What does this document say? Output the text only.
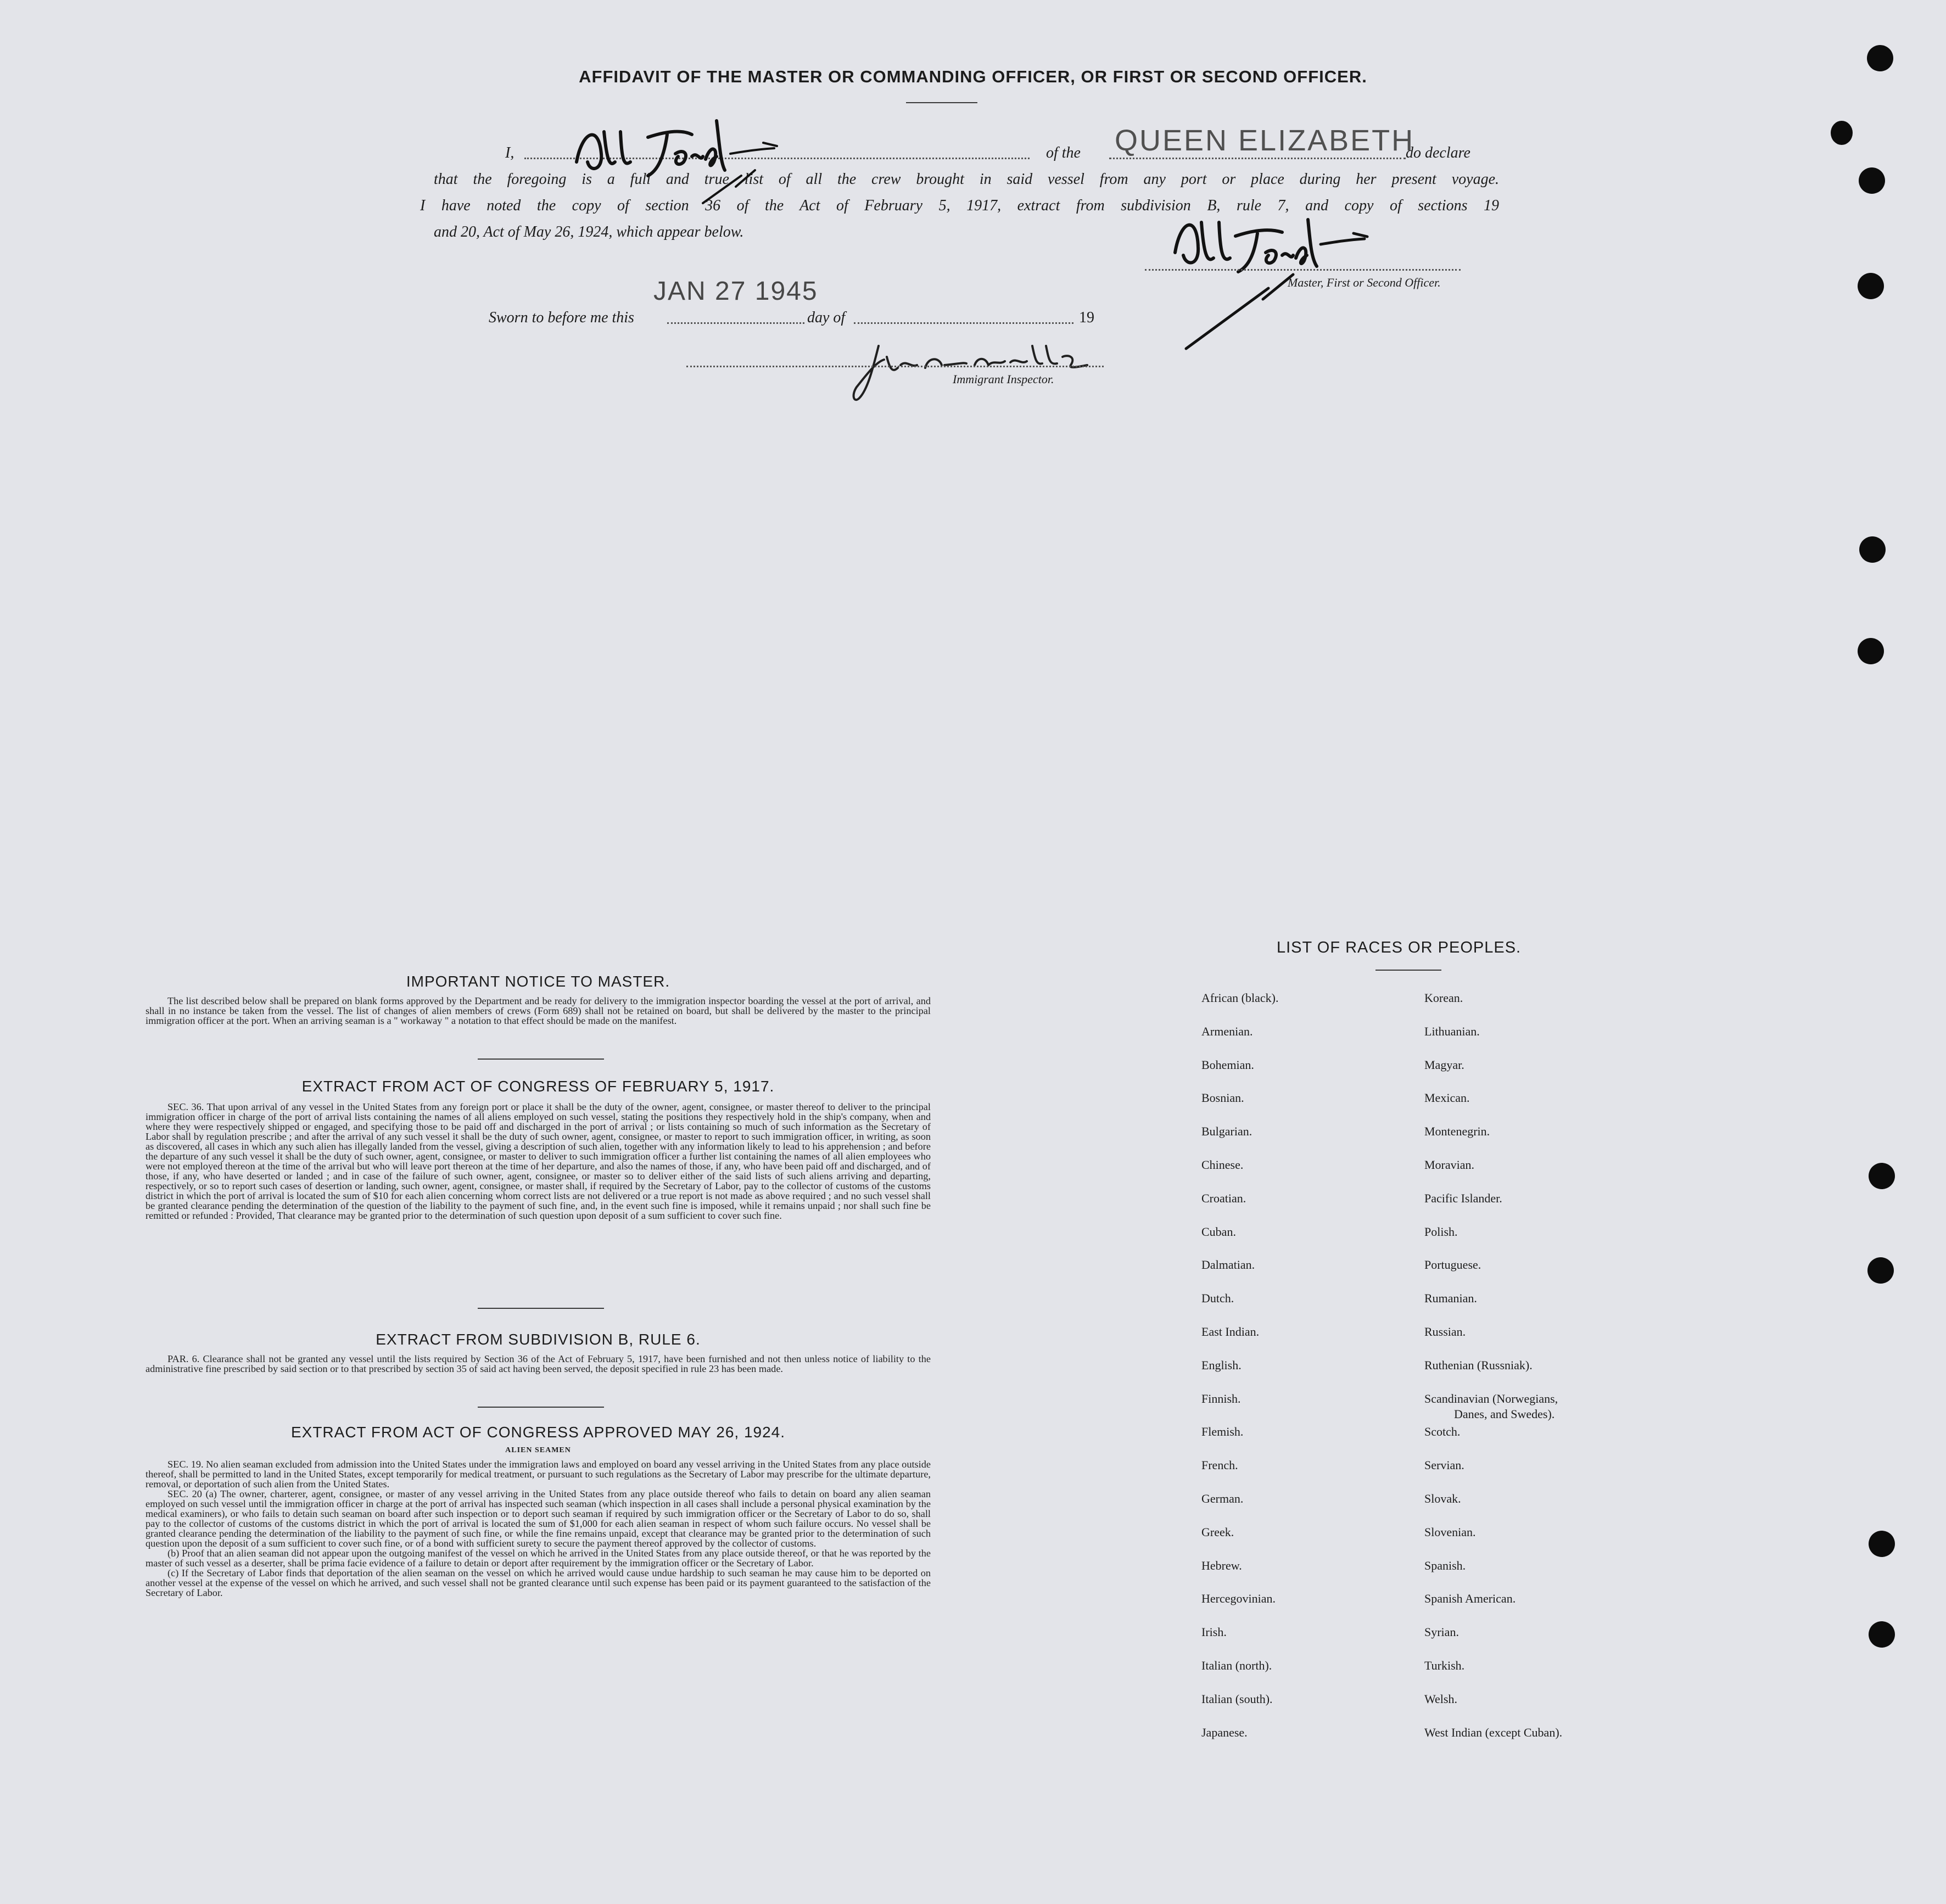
AFFIDAVIT OF THE MASTER OR COMMANDING OFFICER, OR FIRST OR SECOND OFFICER.
I,	of the QUEEN ELIZABETH
do declare
that the foregoing is a full and true list of all the crew brought in said vessel from any port or place during her present voyage.
I have noted the copy of section 36 of the Act of February 5, 1917, extract from subdivision B, rule 7, and copy of sections 19
and 20, Act of May 26, 1924, which appear below.
Master, First or Second Officer.
JAN 27 1945
Sworn to before me this	day of	19
Immigrant Inspector.
IMPORTANT NOTICE TO MASTER.

The list described below shall be prepared on blank forms approved by the Department and be ready for delivery to the immigration inspector boarding the vessel at the port of arrival, and shall in no instance be taken from the vessel. The list of changes of alien members of crews (Form 689) shall not be retained on board, but shall be delivered by the master to the principal immigration officer at the port. When an arriving seaman is a " workaway " a notation to that effect should be made on the manifest.

EXTRACT FROM ACT OF CONGRESS OF FEBRUARY 5, 1917.

SEC. 36. That upon arrival of any vessel in the United States from any foreign port or place it shall be the duty of the owner, agent, consignee, or master thereof to deliver to the principal immigration officer in charge of the port of arrival lists containing the names of all aliens employed on such vessel, stating the positions they respectively hold in the ship's company, when and where they were respectively shipped or engaged, and specifying those to be paid off and discharged in the port of arrival ; or lists containing so much of such information as the Secretary of Labor shall by regulation prescribe ; and after the arrival of any such vessel it shall be the duty of such owner, agent, consignee, or master to report to such immigration officer, in writing, as soon as discovered, all cases in which any such alien has illegally landed from the vessel, giving a description of such alien, together with any information likely to lead to his apprehension ; and before the departure of any such vessel it shall be the duty of such owner, agent, consignee, or master to deliver to such immigration officer a further list containing the names of all alien employees who were not employed thereon at the time of the arrival but who will leave port thereon at the time of her departure, and also the names of those, if any, who have been paid off and discharged, and of those, if any, who have deserted or landed ; and in case of the failure of such owner, agent, consignee, or master so to deliver either of the said lists of such aliens arriving and departing, respectively, or so to report such cases of desertion or landing, such owner, agent, consignee, or master shall, if required by the Secretary of Labor, pay to the collector of customs of the customs district in which the port of arrival is located the sum of $10 for each alien concerning whom correct lists are not delivered or a true report is not made as above required ; and no such vessel shall be granted clearance pending the determination of the question of the liability to the payment of such fine, and, in the event such fine is imposed, while it remains unpaid ; nor shall such fine be remitted or refunded : Provided, That clearance may be granted prior to the determination of such question upon deposit of a sum sufficient to cover such fine.

EXTRACT FROM SUBDIVISION B, RULE 6.

PAR. 6. Clearance shall not be granted any vessel until the lists required by Section 36 of the Act of February 5, 1917, have been furnished and not then unless notice of liability to the administrative fine prescribed by said section or to that prescribed by section 35 of said act having been served, the deposit specified in rule 23 has been made.

EXTRACT FROM ACT OF CONGRESS APPROVED MAY 26, 1924.
ALIEN SEAMEN

SEC. 19. No alien seaman excluded from admission into the United States under the immigration laws and employed on board any vessel arriving in the United States from any place outside thereof, shall be permitted to land in the United States, except temporarily for medical treatment, or pursuant to such regulations as the Secretary of Labor may prescribe for the ultimate departure, removal, or deportation of such alien from the United States.

SEC. 20 (a) The owner, charterer, agent, consignee, or master of any vessel arriving in the United States from any place outside thereof who fails to detain on board any alien seaman employed on such vessel until the immigration officer in charge at the port of arrival has inspected such seaman (which inspection in all cases shall include a personal physical examination by the medical examiners), or who fails to detain such seaman on board after such inspection or to deport such seaman if required by such immigration officer or the Secretary of Labor to do so, shall pay to the collector of customs of the customs district in which the port of arrival is located the sum of $1,000 for each alien seaman in respect of whom such failure occurs. No vessel shall be granted clearance pending the determination of the liability to the payment of such fine, or while the fine remains unpaid, except that clearance may be granted prior to the determination of such question upon the deposit of a sum sufficient to cover such fine, or of a bond with sufficient surety to secure the payment thereof approved by the collector of customs.

(b) Proof that an alien seaman did not appear upon the outgoing manifest of the vessel on which he arrived in the United States from any place outside thereof, or that he was reported by the master of such vessel as a deserter, shall be prima facie evidence of a failure to detain or deport after requirement by the immigration officer or the Secretary of Labor.

(c) If the Secretary of Labor finds that deportation of the alien seaman on the vessel on which he arrived would cause undue hardship to such seaman he may cause him to be deported on another vessel at the expense of the vessel on which he arrived, and such vessel shall not be granted clearance until such expense has been paid or its payment guaranteed to the satisfaction of the Secretary of Labor.

LIST OF RACES OR PEOPLES.
African (black).
Armenian.
Bohemian.
Bosnian.
Bulgarian.
Chinese.
Croatian.
Cuban.
Dalmatian.
Dutch.
East Indian.
English.
Finnish.
Flemish.
French.
German.
Greek.
Hebrew.
Hercegovinian.
Irish.
Italian (north).
Italian (south).
Japanese.
Korean.
Lithuanian.
Magyar.
Mexican.
Montenegrin.
Moravian.
Pacific Islander.
Polish.
Portuguese.
Rumanian.
Russian.
Ruthenian (Russniak).
Scandinavian (Norwegians,
Scotch.
Servian.
Slovak.
Slovenian.
Spanish.
Spanish American.
Syrian.
Turkish.
Welsh.
West Indian (except Cuban).
Danes, and Swedes).
